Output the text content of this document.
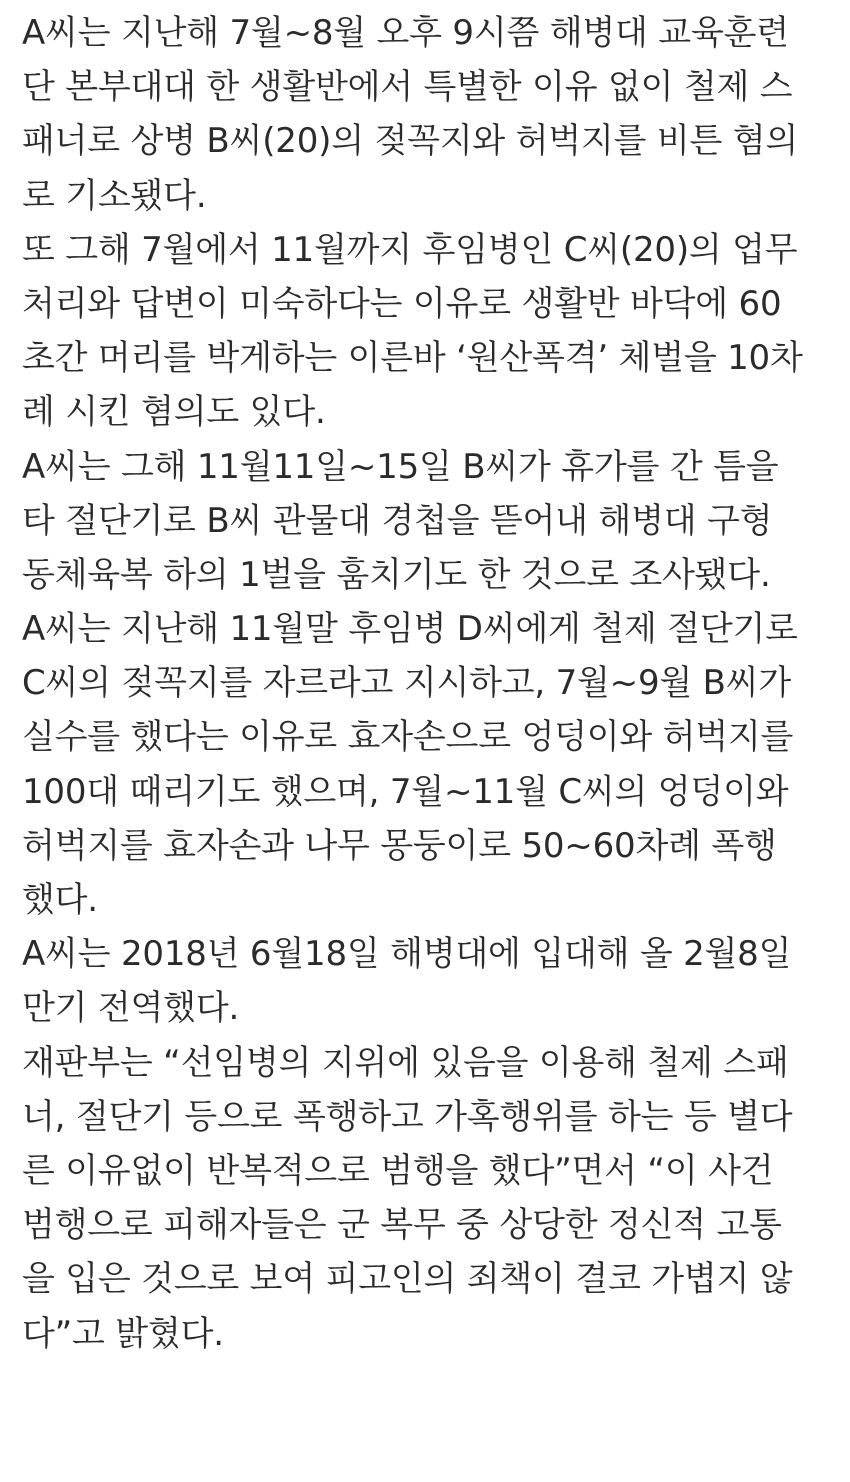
A씨는 지난해 7월~8월 오후 9시쯤 해병대 교육훈련
단 본부대대 한 생활반에서 특별한 이유 없이 철제 스
패너로 상병 B씨(20)의 젖꼭지와 허벅지를 비튼 혐의
로 기소됐다.
또 그해 7월에서 11월까지 후임병인 C씨(20)의 업무
처리와 답변이 미숙하다는 이유로 생활반 바닥에 60
초간 머리를 박게하는 이른바 ‘원산폭격’ 체벌을 10차
례 시킨 혐의도 있다.
A씨는 그해 11월11일~15일 B씨가 휴가를 간 틈을
타 절단기로 B씨 관물대 경첩을 뜯어내 해병대 구형
동체육복 하의 1벌을 훔치기도 한 것으로 조사됐다.
A씨는 지난해 11월말 후임병 D씨에게 철제 절단기로
C씨의 젖꼭지를 자르라고 지시하고, 7월~9월 B씨가
실수를 했다는 이유로 효자손으로 엉덩이와 허벅지를
100대 때리기도 했으며, 7월~11월 C씨의 엉덩이와
허벅지를 효자손과 나무 몽둥이로 50~60차례 폭행
했다.
A씨는 2018년 6월18일 해병대에 입대해 올 2월8일
만기 전역했다.
재판부는 “선임병의 지위에 있음을 이용해 철제 스패
너, 절단기 등으로 폭행하고 가혹행위를 하는 등 별다
른 이유없이 반복적으로 범행을 했다”면서 “이 사건
범행으로 피해자들은 군 복무 중 상당한 정신적 고통
을 입은 것으로 보여 피고인의 죄책이 결코 가볍지 않
다”고 밝혔다.
